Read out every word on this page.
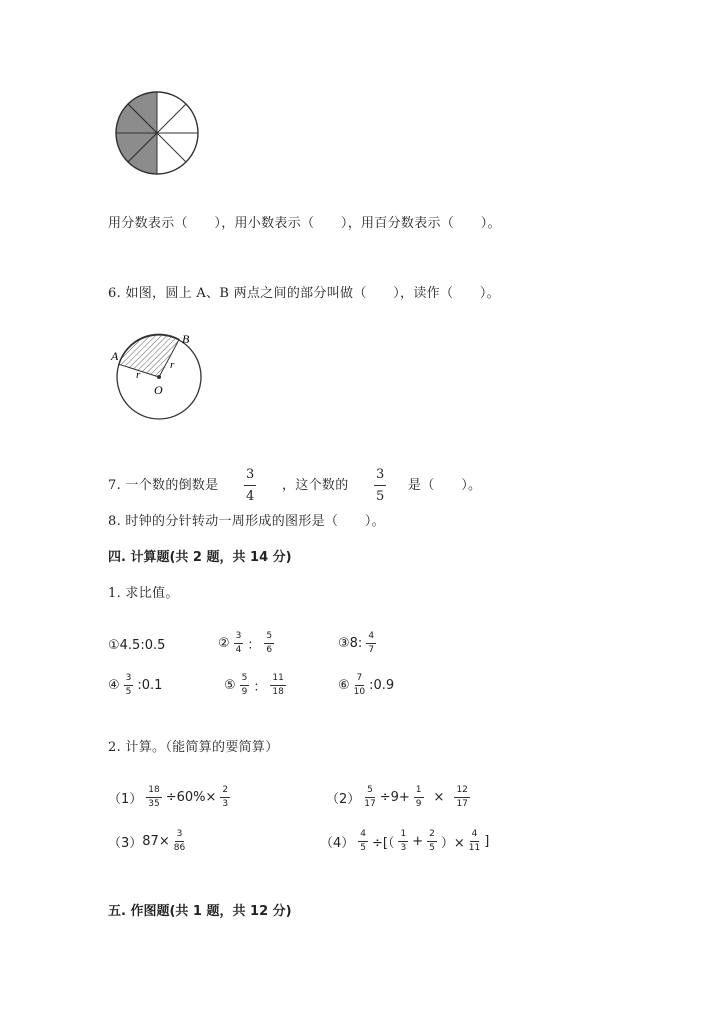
用分数表示（　　），用小数表示（　　），用百分数表示（　　）。
6. 如图，圆上 A、B 两点之间的部分叫做（　　），读作（　　）。
A
B
O
r
r
7. 一个数的倒数是 $\frac{3}{4}$ ，这个数的 $\frac{3}{5}$ 是（　　）。
8. 时钟的分针转动一周形成的图形是（　　）。
四. 计算题(共 2 题，共 14 分)
1. 求比值。
①4.5:0.5	② $\frac{3}{4}$ ： $\frac{5}{6}$	③ 8: $\frac{4}{7}$
④ $\frac{3}{5}$ :0.1	⑤ $\frac{5}{9}$ ： $\frac{11}{18}$	⑥ $\frac{7}{10}$ :0.9
2. 计算。（能简算的要简算）
$(1) \frac{18}{35} \div 60\%\times \frac{2}{3}$	$(2) \frac{5}{17} \div 9+ \frac{1}{9} \times \frac{12}{17}$
（3） $87\times \frac{3}{86}$	$(4) \frac{4}{5}$ ÷[（ $\frac{1}{3} + \frac{2}{5}$ ）× $\frac{4}{11}$ ]
五. 作图题(共 1 题，共 12 分)
